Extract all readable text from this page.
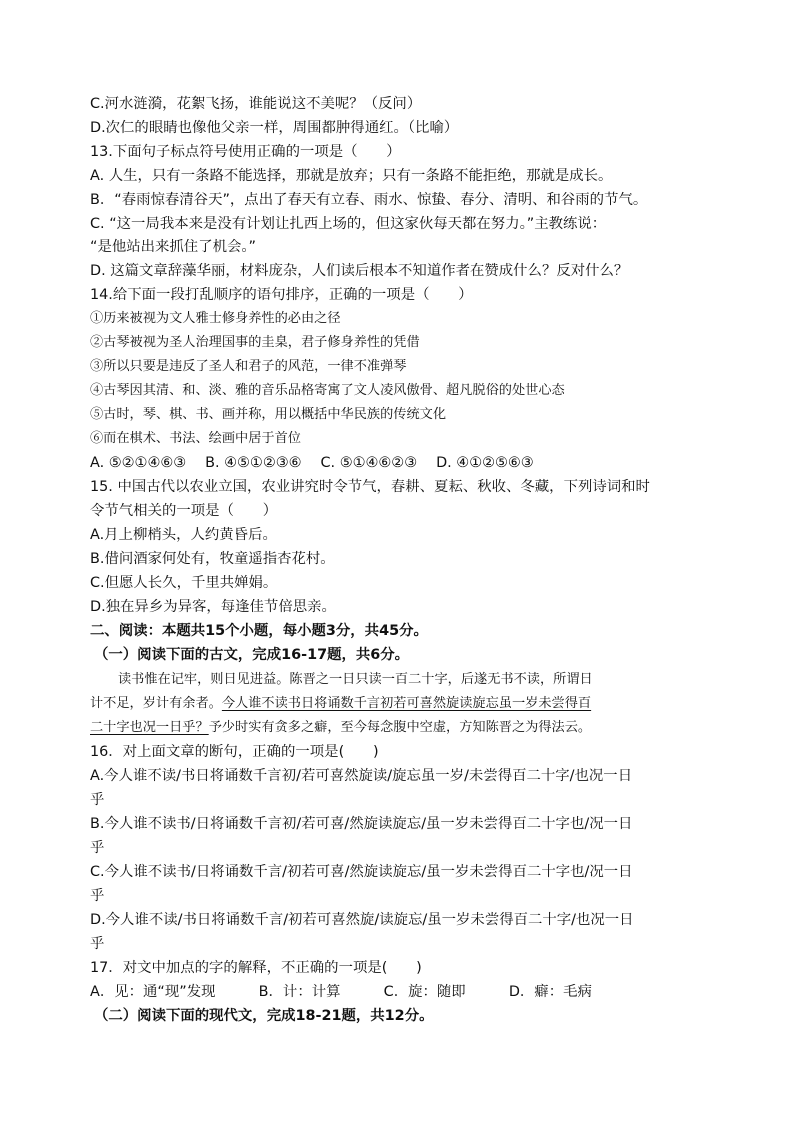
C.河水涟漪，花絮飞扬，谁能说这不美呢？（反问）
D.次仁的眼睛也像他父亲一样，周围都肿得通红。（比喻）
13.下面句子标点符号使用正确的一项是（　　）
A. 人生，只有一条路不能选择，那就是放弃；只有一条路不能拒绝，那就是成长。
B．“春雨惊春清谷天”，点出了春天有立春、雨水、惊蛰、春分、清明、和谷雨的节气。
C. “这一局我本来是没有计划让扎西上场的，但这家伙每天都在努力。”主教练说：
“是他站出来抓住了机会。”
D. 这篇文章辞藻华丽，材料庞杂，人们读后根本不知道作者在赞成什么？反对什么？
14.给下面一段打乱顺序的语句排序，正确的一项是（　　）
①历来被视为文人雅士修身养性的必由之径
②古琴被视为圣人治理国事的圭臬，君子修身养性的凭借
③所以只要是违反了圣人和君子的风范，一律不准弹琴
④古琴因其清、和、淡、雅的音乐品格寄寓了文人凌风傲骨、超凡脱俗的处世心态
⑤古时，琴、棋、书、画并称，用以概括中华民族的传统文化
⑥而在棋术、书法、绘画中居于首位
A. ⑤②①④⑥③　 B. ④⑤①②③⑥　 C. ⑤①④⑥②③　 D. ④①②⑤⑥③
15. 中国古代以农业立国，农业讲究时令节气，春耕、夏耘、秋收、冬藏，下列诗词和时
令节气相关的一项是（　　）
A.月上柳梢头，人约黄昏后。
B.借问酒家何处有，牧童遥指杏花村。
C.但愿人长久，千里共婵娟。
D.独在异乡为异客，每逢佳节倍思亲。
二、阅读：本题共15个小题，每小题3分，共45分。
（一）阅读下面的古文，完成16-17题，共6分。
读书惟在记牢，则日见进益。陈晋之一日只读一百二十字，后遂无书不读，所谓日
计不足，岁计有余者。今人谁不读书日将诵数千言初若可喜然旋读旋忘虽一岁未尝得百
二十字也况一日乎？予少时实有贪多之癖，至今每念腹中空虚，方知陈晋之为得法云。
16．对上面文章的断句，正确的一项是(　　)
A.今人谁不读/书日将诵数千言初/若可喜然旋读/旋忘虽一岁/未尝得百二十字/也况一日
乎
B.今人谁不读书/日将诵数千言初/若可喜/然旋读旋忘/虽一岁未尝得百二十字也/况一日
乎
C.今人谁不读书/日将诵数千言/初若可喜/然旋读旋忘/虽一岁未尝得百二十字也/况一日
乎
D.今人谁不读/书日将诵数千言/初若可喜然旋/读旋忘/虽一岁未尝得百二十字/也况一日
乎
17．对文中加点的字的解释，不正确的一项是(　　)
A．见：通“现”发现　　　B．计：计算　　　C．旋：随即　　　D．癖：毛病
（二）阅读下面的现代文，完成18-21题，共12分。
